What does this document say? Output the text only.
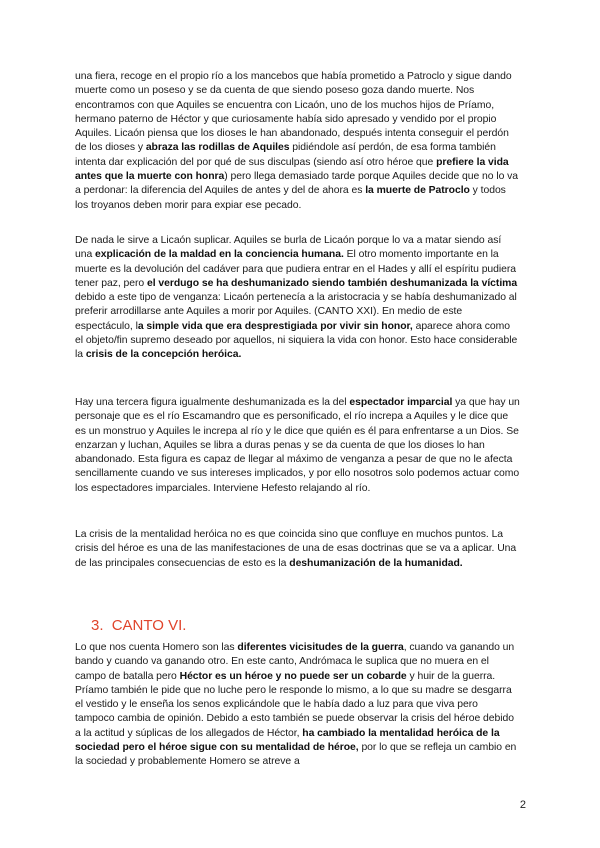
una fiera, recoge en el propio río a los mancebos que había prometido a Patroclo y sigue dando muerte como un poseso y se da cuenta de que siendo poseso goza dando muerte. Nos encontramos con que Aquiles se encuentra con Licaón, uno de los muchos hijos de Príamo, hermano paterno de Héctor y que curiosamente había sido apresado y vendido por el propio Aquiles. Licaón piensa que los dioses le han abandonado, después intenta conseguir el perdón de los dioses y abraza las rodillas de Aquiles pidiéndole así perdón, de esa forma también intenta dar explicación del por qué de sus disculpas (siendo así otro héroe que prefiere la vida antes que la muerte con honra) pero llega demasiado tarde porque Aquiles decide que no lo va a perdonar: la diferencia del Aquiles de antes y del de ahora es la muerte de Patroclo y todos los troyanos deben morir para expiar ese pecado.

De nada le sirve a Licaón suplicar. Aquiles se burla de Licaón porque lo va a matar siendo así una explicación de la maldad en la conciencia humana. El otro momento importante en la muerte es la devolución del cadáver para que pudiera entrar en el Hades y allí el espíritu pudiera tener paz, pero el verdugo se ha deshumanizado siendo también deshumanizada la víctima debido a este tipo de venganza: Licaón pertenecía a la aristocracia y se había deshumanizado al preferir arrodillarse ante Aquiles a morir por Aquiles. (CANTO XXI). En medio de este espectáculo, la simple vida que era desprestigiada por vivir sin honor, aparece ahora como el objeto/fin supremo deseado por aquellos, ni siquiera la vida con honor. Esto hace considerable la crisis de la concepción heróica.

Hay una tercera figura igualmente deshumanizada es la del espectador imparcial ya que hay un personaje que es el río Escamandro que es personificado, el río increpa a Aquiles y le dice que es un monstruo y Aquiles le increpa al río y le dice que quién es él para enfrentarse a un Dios. Se enzarzan y luchan, Aquiles se libra a duras penas y se da cuenta de que los dioses lo han abandonado. Esta figura es capaz de llegar al máximo de venganza a pesar de que no le afecta sencillamente cuando ve sus intereses implicados, y por ello nosotros solo podemos actuar como los espectadores imparciales. Interviene Hefesto relajando al río.

La crisis de la mentalidad heróica no es que coincida sino que confluye en muchos puntos. La crisis del héroe es una de las manifestaciones de una de esas doctrinas que se va a aplicar. Una de las principales consecuencias de esto es la deshumanización de la humanidad.

3. CANTO VI.

Lo que nos cuenta Homero son las diferentes vicisitudes de la guerra, cuando va ganando un bando y cuando va ganando otro. En este canto, Andrómaca le suplica que no muera en el campo de batalla pero Héctor es un héroe y no puede ser un cobarde y huir de la guerra. Príamo también le pide que no luche pero le responde lo mismo, a lo que su madre se desgarra el vestido y le enseña los senos explicándole que le había dado a luz para que viva pero tampoco cambia de opinión. Debido a esto también se puede observar la crisis del héroe debido a la actitud y súplicas de los allegados de Héctor, ha cambiado la mentalidad heróica de la sociedad pero el héroe sigue con su mentalidad de héroe, por lo que se refleja un cambio en la sociedad y probablemente Homero se atreve a

2
